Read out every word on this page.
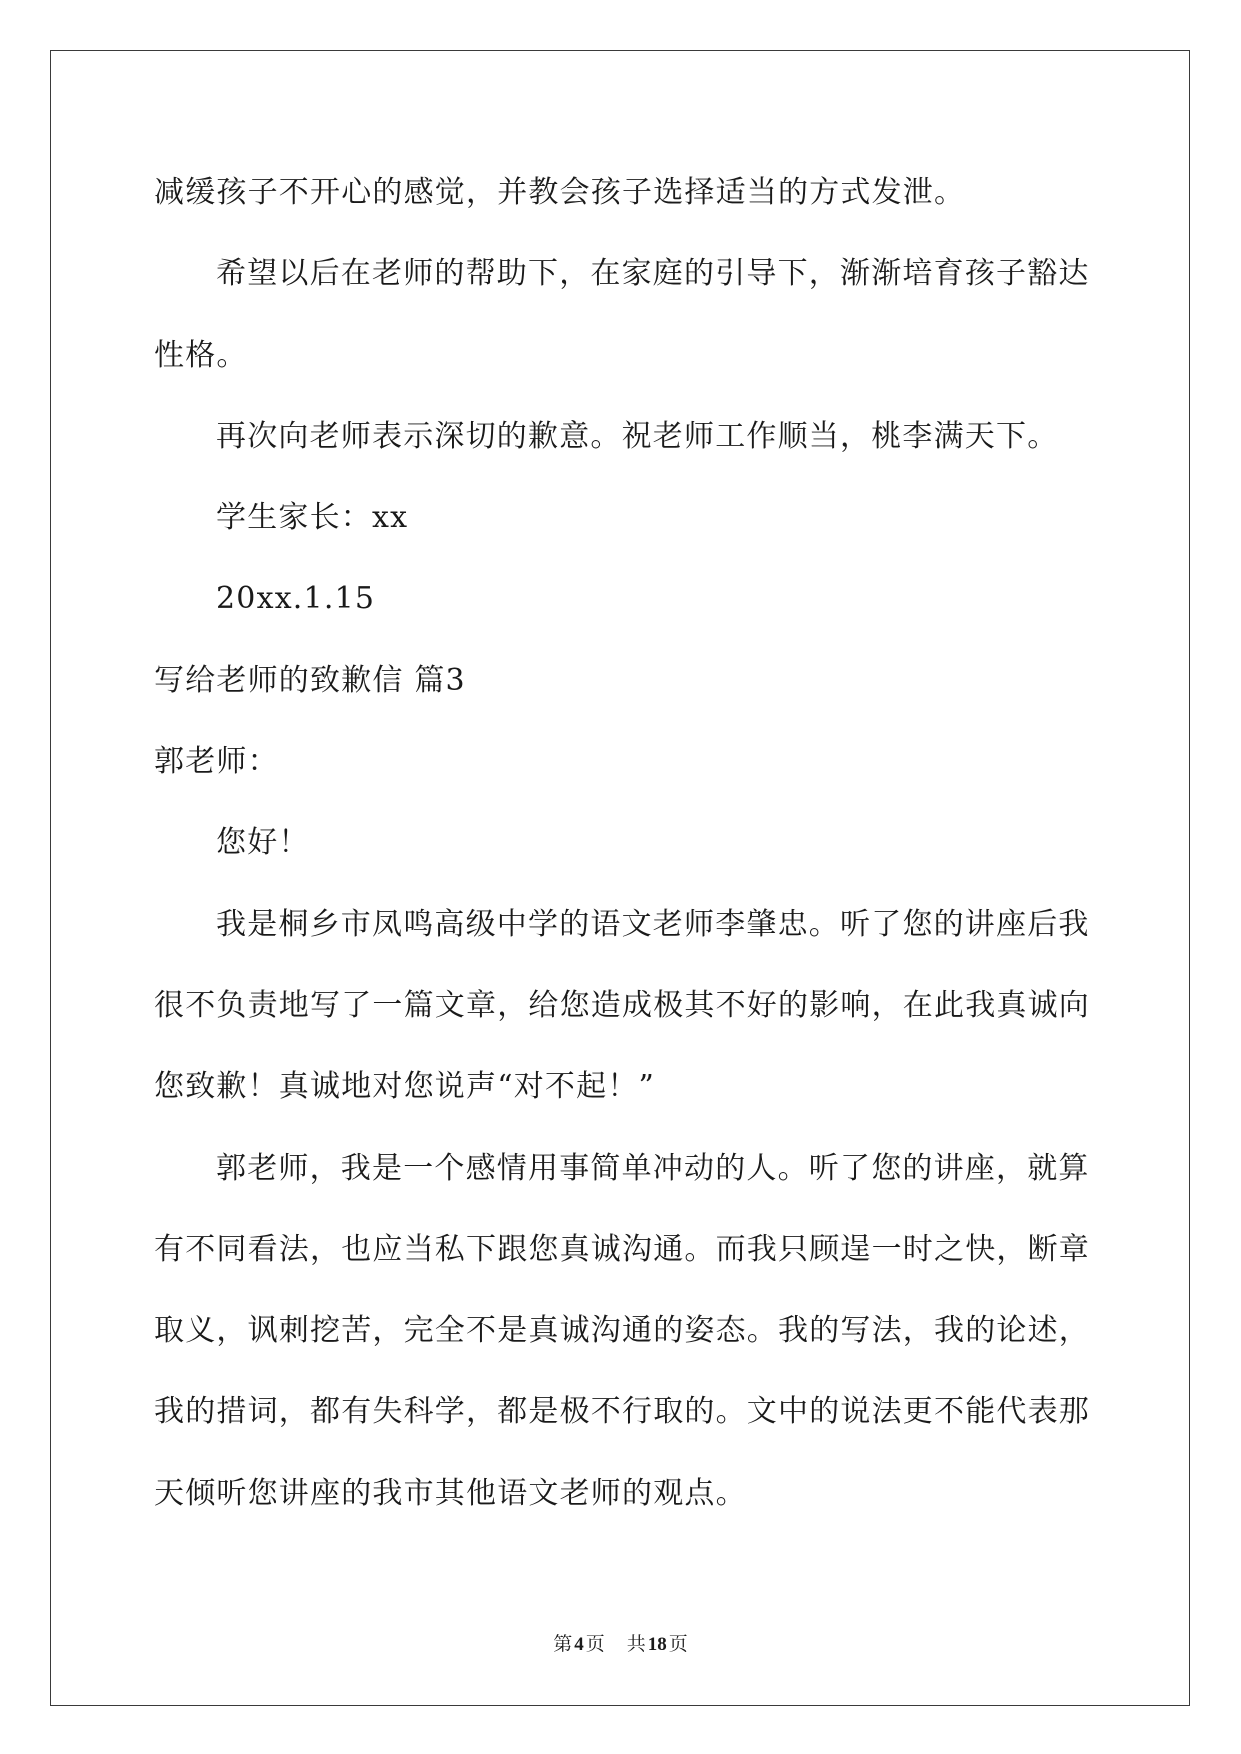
减缓孩子不开心的感觉，并教会孩子选择适当的方式发泄。
希望以后在老师的帮助下，在家庭的引导下，渐渐培育孩子豁达
性格。
再次向老师表示深切的歉意。祝老师工作顺当，桃李满天下。
学生家长：xx
20xx.1.15
写给老师的致歉信 篇3
郭老师：
您好！
我是桐乡市凤鸣高级中学的语文老师李肇忠。听了您的讲座后我
很不负责地写了一篇文章，给您造成极其不好的影响，在此我真诚向
您致歉！真诚地对您说声“对不起！”
郭老师，我是一个感情用事简单冲动的人。听了您的讲座，就算
有不同看法，也应当私下跟您真诚沟通。而我只顾逞一时之快，断章
取义，讽刺挖苦，完全不是真诚沟通的姿态。我的写法，我的论述，
我的措词，都有失科学，都是极不行取的。文中的说法更不能代表那
天倾听您讲座的我市其他语文老师的观点。
第 4 页 共 18 页
